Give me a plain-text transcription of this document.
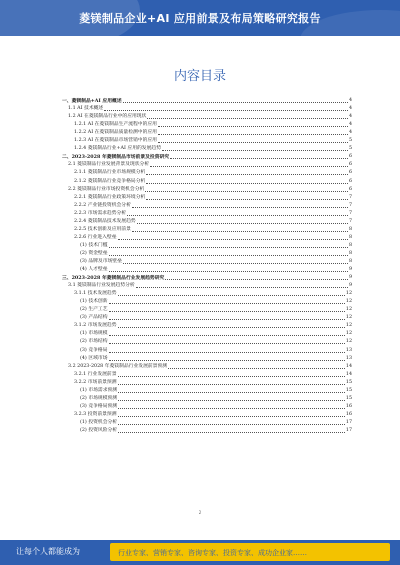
菱镁制品企业+AI 应用前景及布局策略研究报告
内容目录
一、菱镁制品+AI 应用概述	4
1.1 AI 技术概述	4
1.2 AI 在菱镁制品行业中的应用现状	4
1.2.1 AI 在菱镁制品生产流程中的应用	4
1.2.2 AI 在菱镁制品质量检测中的应用	4
1.2.3 AI 在菱镁制品市场营销中的应用	5
1.2.4 菱镁制品行业+AI 应用的发展趋势	5
二、2023-2028 年菱镁制品市场前景及投资研究	6
2.1 菱镁制品行业发展背景及现状分析	6
2.1.1 菱镁制品行业市场规模分析	6
2.1.2 菱镁制品行业竞争格局分析	6
2.2 菱镁制品行业市场投资机会分析	6
2.2.1 菱镁制品行业政策环境分析	7
2.2.2 产业链投资机会分析	7
2.2.3 市场需求趋势分析	7
2.2.4 菱镁制品技术发展趋势	7
2.2.5 技术创新及应用前景	8
2.2.6 行业进入壁垒	8
(1) 技术门槛	8
(2) 资金壁垒	8
(3) 品牌及市场壁垒	8
(4) 人才壁垒	9
三、2023-2028 年菱镁制品行业发展趋势研究	9
3.1 菱镁制品行业发展趋势分析	9
3.1.1 技术发展趋势	12
(1) 技术创新	12
(2) 生产工艺	12
(3) 产品结构	12
3.1.2 市场发展趋势	12
(1) 市场规模	12
(2) 市场结构	12
(3) 竞争格局	13
(4) 区域市场	13
3.2 2023-2028 年菱镁制品行业发展前景预测	14
3.2.1 行业发展前景	14
3.2.2 市场前景预测	15
(1) 市场需求预测	15
(2) 市场规模预测	15
(3) 竞争格局预测	16
3.2.3 投资前景预测	16
(1) 投资机会分析	17
(2) 投资风险分析	17
2
让每个人都能成为	行业专家、营销专家、咨询专家、投资专家、成功企业家……
